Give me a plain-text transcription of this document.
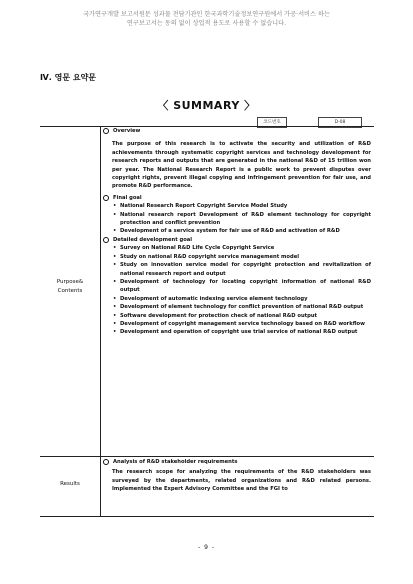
국가연구개발 보고서원문 성과물 전담기관인 한국과학기술정보연구원에서 가공·서비스 하는
연구보고서는 동의 없이 상업적 용도로 사용할 수 없습니다.
Ⅳ. 영문 요약문
〈 SUMMARY 〉
코드번호	D-08
Purpose&
Contents
Overview
The purpose of this research is to activate the security and utilization of R&D achievements through systematic copyright services and technology development for research reports and outputs that are generated in the national R&D of 15 trillion won per year. The National Research Report is a public work to prevent disputes over copyright rights, prevent illegal copying and infringement prevention for fair use, and promote R&D performance.
Final goal
• National Research Report Copyright Service Model Study
• National research report Development of R&D element technology for copyright protection and conflict prevention
• Development of a service system for fair use of R&D and activation of R&D
Detailed development goal
• Survey on National R&D Life Cycle Copyright Service
• Study on national R&D copyright service management model
• Study on innovation service model for copyright protection and revitalization of national research report and output
• Development of technology for locating copyright information of national R&D output
• Development of automatic indexing service element technology
• Development of element technology for conflict prevention of national R&D output
• Software development for protection check of national R&D output
• Development of copyright management service technology based on R&D workflow
• Development and operation of copyright use trial service of national R&D output
Results
Analysis of R&D stakeholder requirements
The research scope for analyzing the requirements of the R&D stakeholders was surveyed by the departments, related organizations and R&D related persons. Implemented the Expert Advisory Committee and the FGI to
- 9 -
